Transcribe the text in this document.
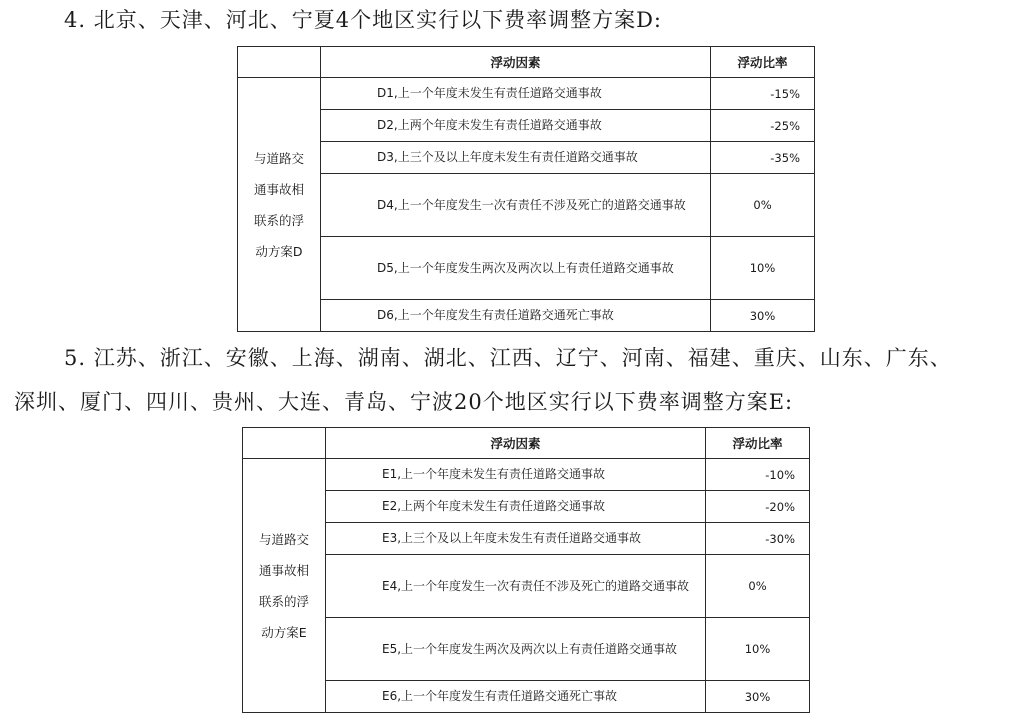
4. 北京、天津、河北、宁夏4个地区实行以下费率调整方案D:
	浮动因素	浮动比率

与道路交
通事故相
联系的浮
动方案D	D1,上一个年度未发生有责任道路交通事故	-15%

	D2,上两个年度未发生有责任道路交通事故	-25%

	D3,上三个及以上年度未发生有责任道路交通事故	-35%

	D4,上一个年度发生一次有责任不涉及死亡的道路交通事故	0%

	D5,上一个年度发生两次及两次以上有责任道路交通事故	10%

	D6,上一个年度发生有责任道路交通死亡事故	30%
5. 江苏、浙江、安徽、上海、湖南、湖北、江西、辽宁、河南、福建、重庆、山东、广东、
深圳、厦门、四川、贵州、大连、青岛、宁波20个地区实行以下费率调整方案E:
	浮动因素	浮动比率

与道路交
通事故相
联系的浮
动方案E	E1,上一个年度未发生有责任道路交通事故	-10%

	E2,上两个年度未发生有责任道路交通事故	-20%

	E3,上三个及以上年度未发生有责任道路交通事故	-30%

	E4,上一个年度发生一次有责任不涉及死亡的道路交通事故	0%

	E5,上一个年度发生两次及两次以上有责任道路交通事故	10%

	E6,上一个年度发生有责任道路交通死亡事故	30%
